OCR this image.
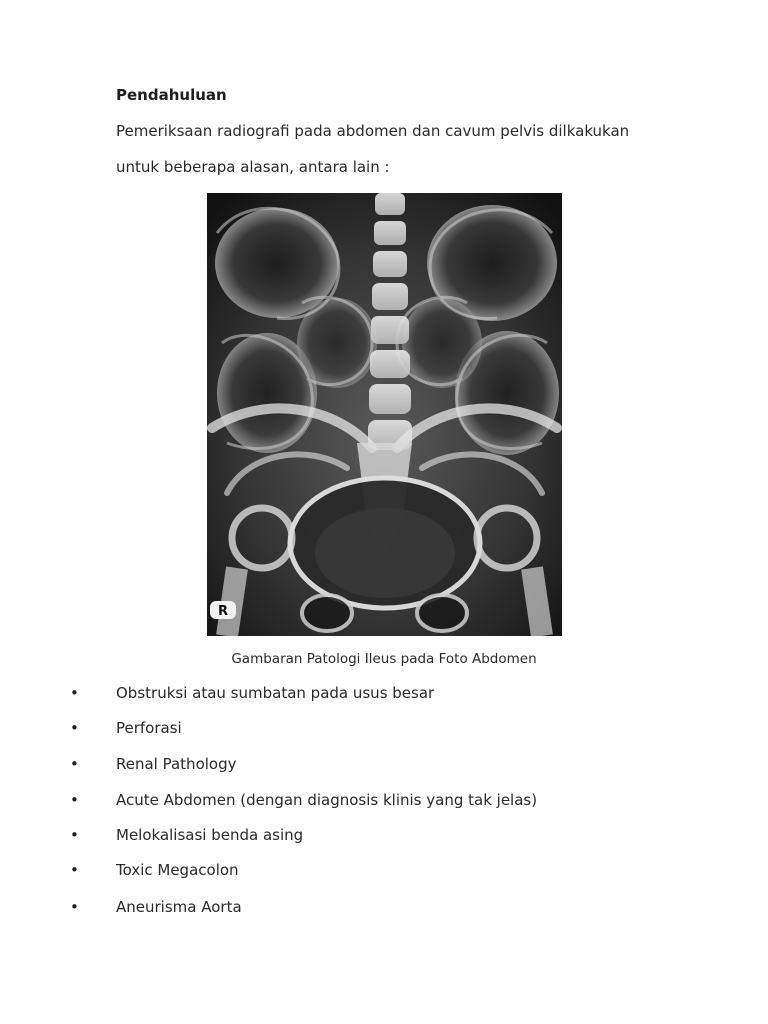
Pendahuluan
Pemeriksaan radiografi pada abdomen dan cavum pelvis dilkakukan
untuk beberapa alasan, antara lain :
R
Gambaran Patologi Ileus pada Foto Abdomen
• Obstruksi atau sumbatan pada usus besar
• Perforasi
• Renal Pathology
• Acute Abdomen (dengan diagnosis klinis yang tak jelas)
• Melokalisasi benda asing
• Toxic Megacolon
• Aneurisma Aorta
